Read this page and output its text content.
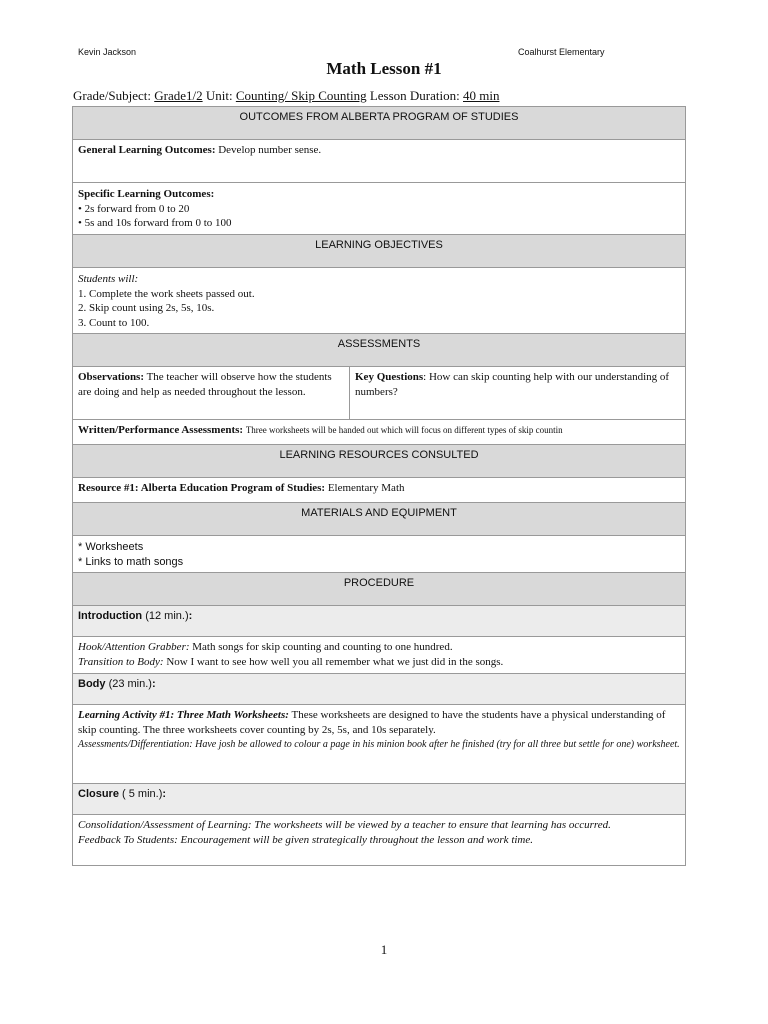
Kevin Jackson	Coalhurst Elementary
Math Lesson #1
Grade/Subject: Grade1/2 Unit: Counting/ Skip Counting Lesson Duration: 40 min
OUTCOMES FROM ALBERTA PROGRAM OF STUDIES
General Learning Outcomes: Develop number sense.
Specific Learning Outcomes:
• 2s forward from 0 to 20
• 5s and 10s forward from 0 to 100
LEARNING OBJECTIVES
Students will:
1. Complete the work sheets passed out.
2. Skip count using 2s, 5s, 10s.
3. Count to 100.
ASSESSMENTS
Observations: The teacher will observe how the students are doing and help as needed throughout the lesson.	Key Questions: How can skip counting help with our understanding of numbers?
Written/Performance Assessments: Three worksheets will be handed out which will focus on different types of skip countin
LEARNING RESOURCES CONSULTED
Resource #1: Alberta Education Program of Studies: Elementary Math
MATERIALS AND EQUIPMENT
* Worksheets
* Links to math songs
PROCEDURE
Introduction (12 min.):
Hook/Attention Grabber: Math songs for skip counting and counting to one hundred.
Transition to Body: Now I want to see how well you all remember what we just did in the songs.
Body (23 min.):
Learning Activity #1: Three Math Worksheets: These worksheets are designed to have the students have a physical understanding of skip counting. The three worksheets cover counting by 2s, 5s, and 10s separately.
Assessments/Differentiation: Have josh be allowed to colour a page in his minion book after he finished (try for all three but settle for one) worksheet.
Closure ( 5 min.):
Consolidation/Assessment of Learning: The worksheets will be viewed by a teacher to ensure that learning has occurred.
Feedback To Students: Encouragement will be given strategically throughout the lesson and work time.
1
